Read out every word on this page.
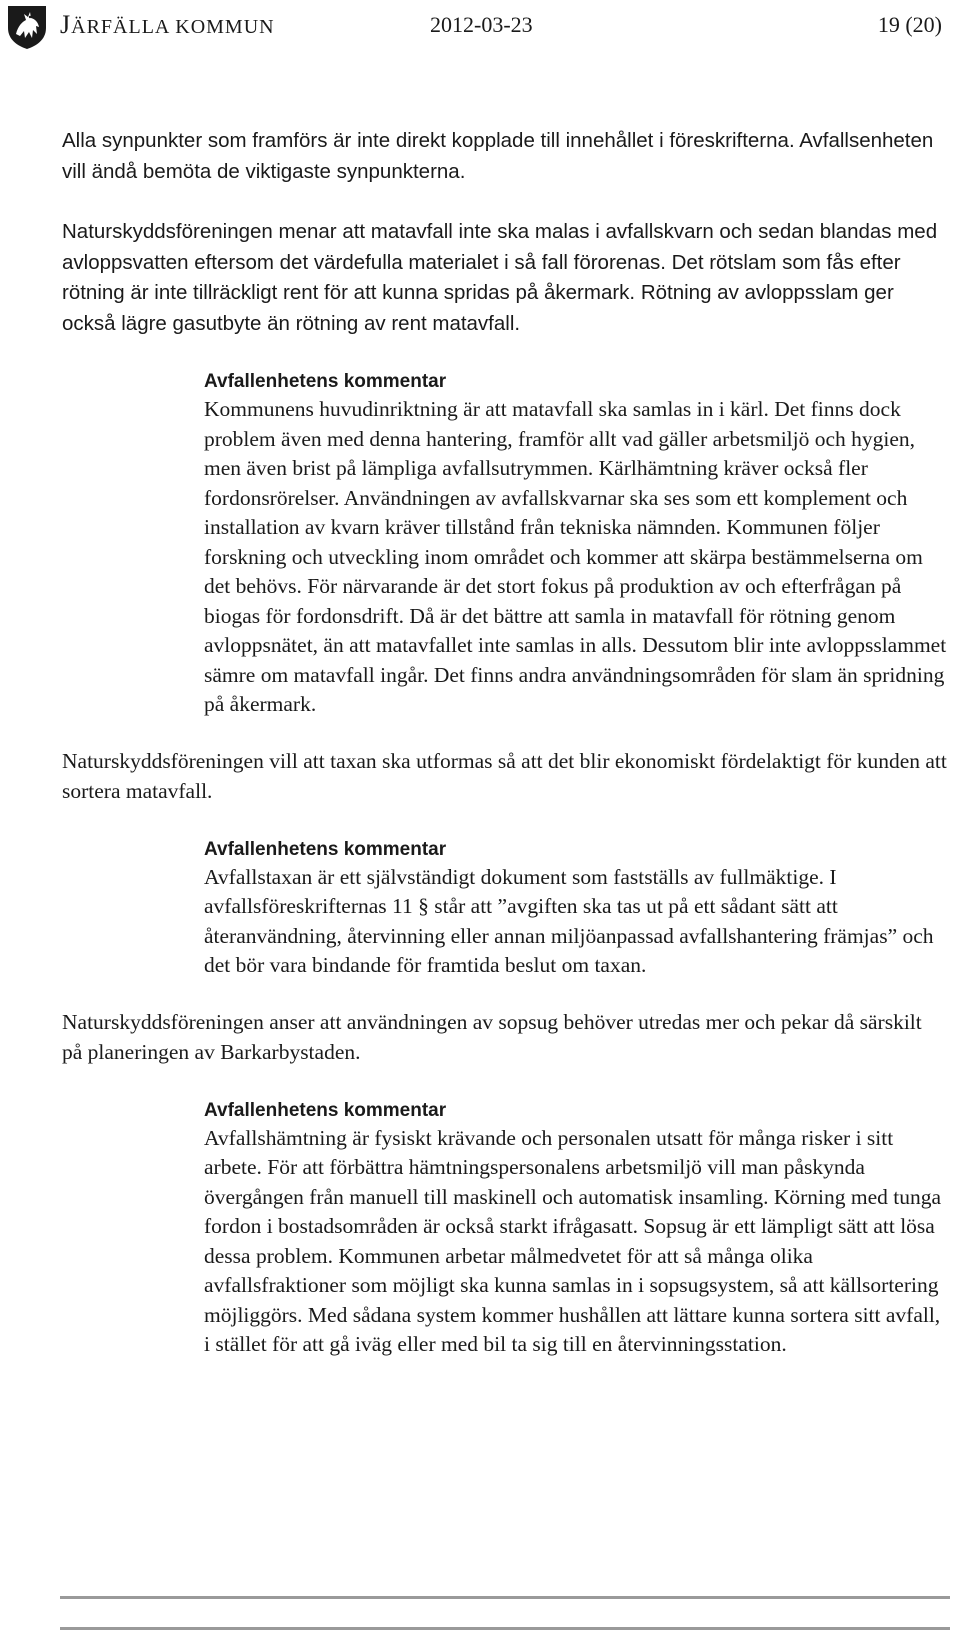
JÄRFÄLLA KOMMUN	2012-03-23	19 (20)

Alla synpunkter som framförs är inte direkt kopplade till innehållet i föreskrifterna. Avfallsenheten vill ändå bemöta de viktigaste synpunkterna.

Naturskyddsföreningen menar att matavfall inte ska malas i avfallskvarn och sedan blandas med avloppsvatten eftersom det värdefulla materialet i så fall förorenas. Det rötslam som fås efter rötning är inte tillräckligt rent för att kunna spridas på åkermark. Rötning av avloppsslam ger också lägre gasutbyte än rötning av rent matavfall.

Avfallenhetens kommentar

Kommunens huvudinriktning är att matavfall ska samlas in i kärl. Det finns dock problem även med denna hantering, framför allt vad gäller arbetsmiljö och hygien, men även brist på lämpliga avfallsutrymmen. Kärlhämtning kräver också fler fordonsrörelser. Användningen av avfallskvarnar ska ses som ett komplement och installation av kvarn kräver tillstånd från tekniska nämnden. Kommunen följer forskning och utveckling inom området och kommer att skärpa bestämmelserna om det behövs. För närvarande är det stort fokus på produktion av och efterfrågan på biogas för fordonsdrift. Då är det bättre att samla in matavfall för rötning genom avloppsnätet, än att matavfallet inte samlas in alls. Dessutom blir inte avloppsslammet sämre om matavfall ingår. Det finns andra användningsområden för slam än spridning på åkermark.

Naturskyddsföreningen vill att taxan ska utformas så att det blir ekonomiskt fördelaktigt för kunden att sortera matavfall.

Avfallenhetens kommentar

Avfallstaxan är ett självständigt dokument som fastställs av fullmäktige. I avfallsföreskrifternas 11 § står att ”avgiften ska tas ut på ett sådant sätt att återanvändning, återvinning eller annan miljöanpassad avfallshantering främjas” och det bör vara bindande för framtida beslut om taxan.

Naturskyddsföreningen anser att användningen av sopsug behöver utredas mer och pekar då särskilt på planeringen av Barkarbystaden.

Avfallenhetens kommentar

Avfallshämtning är fysiskt krävande och personalen utsatt för många risker i sitt arbete. För att förbättra hämtningspersonalens arbetsmiljö vill man påskynda övergången från manuell till maskinell och automatisk insamling. Körning med tunga fordon i bostadsområden är också starkt ifrågasatt. Sopsug är ett lämpligt sätt att lösa dessa problem. Kommunen arbetar målmedvetet för att så många olika avfallsfraktioner som möjligt ska kunna samlas in i sopsugsystem, så att källsortering möjliggörs. Med sådana system kommer hushållen att lättare kunna sortera sitt avfall, i stället för att gå iväg eller med bil ta sig till en återvinningsstation.
